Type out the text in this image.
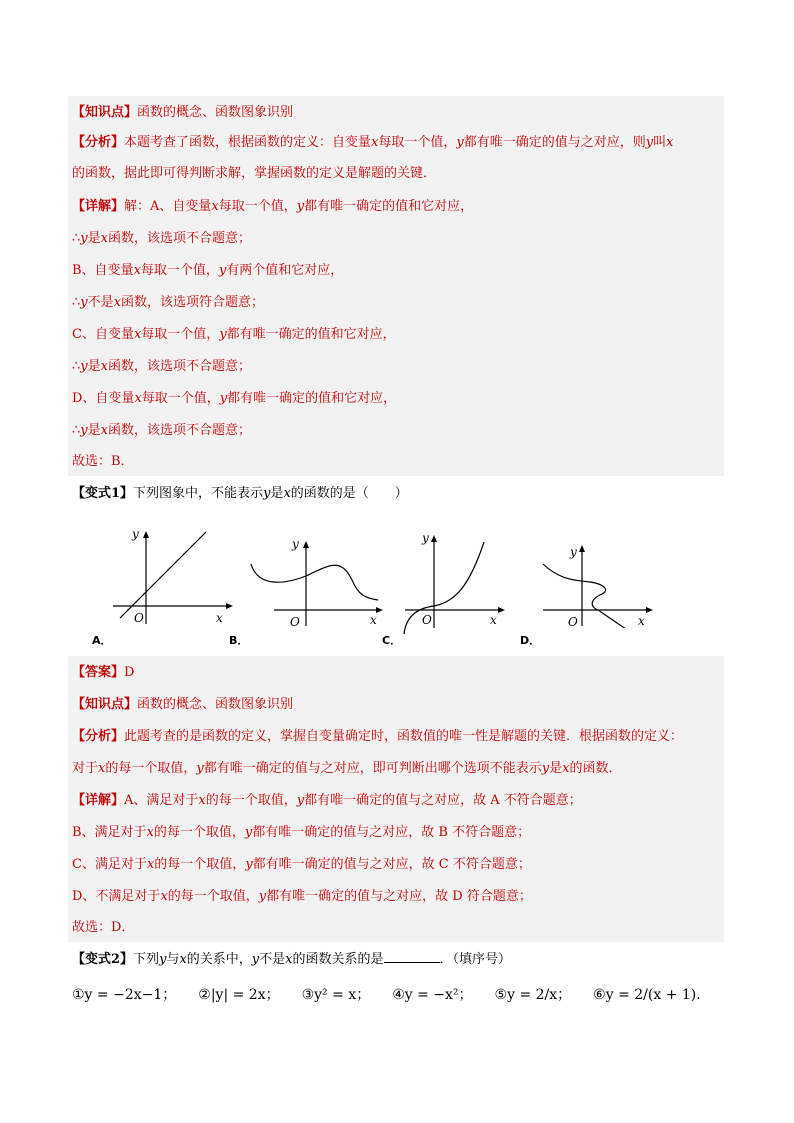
【知识点】函数的概念、函数图象识别
【分析】本题考查了函数，根据函数的定义：自变量x每取一个值，y都有唯一确定的值与之对应，则y叫x
的函数，据此即可得判断求解，掌握函数的定义是解题的关键．
【详解】解：A、自变量x每取一个值，y都有唯一确定的值和它对应，
∴y是x函数，该选项不合题意；
B、自变量x每取一个值，y有两个值和它对应，
∴y不是x函数，该选项符合题意；
C、自变量x每取一个值，y都有唯一确定的值和它对应，
∴y是x函数，该选项不合题意；
D、自变量x每取一个值，y都有唯一确定的值和它对应，
∴y是x函数，该选项不合题意；
故选：B．
【变式1】下列图象中，不能表示y是x的函数的是（　　）
y
x
O
A．
y
x
O
B．
y
x
O
C．
y
x
O
D．
【答案】D
【知识点】函数的概念、函数图象识别
【分析】此题考查的是函数的定义，掌握自变量确定时，函数值的唯一性是解题的关键．根据函数的定义：
对于x的每一个取值，y都有唯一确定的值与之对应，即可判断出哪个选项不能表示y是x的函数．
【详解】A、满足对于x的每一个取值，y都有唯一确定的值与之对应，故 A 不符合题意；
B、满足对于x的每一个取值，y都有唯一确定的值与之对应，故 B 不符合题意；
C、满足对于x的每一个取值，y都有唯一确定的值与之对应，故 C 不符合题意；
D、不满足对于x的每一个取值，y都有唯一确定的值与之对应，故 D 符合题意；
故选：D．
【变式2】下列y与x的关系中，y不是x的函数关系的是	．（填序号）
①y = −2x−1； ②|y| = 2x； ③y² = x； ④y = −x²； ⑤y = 2/x； ⑥y = 2/(x + 1)．
